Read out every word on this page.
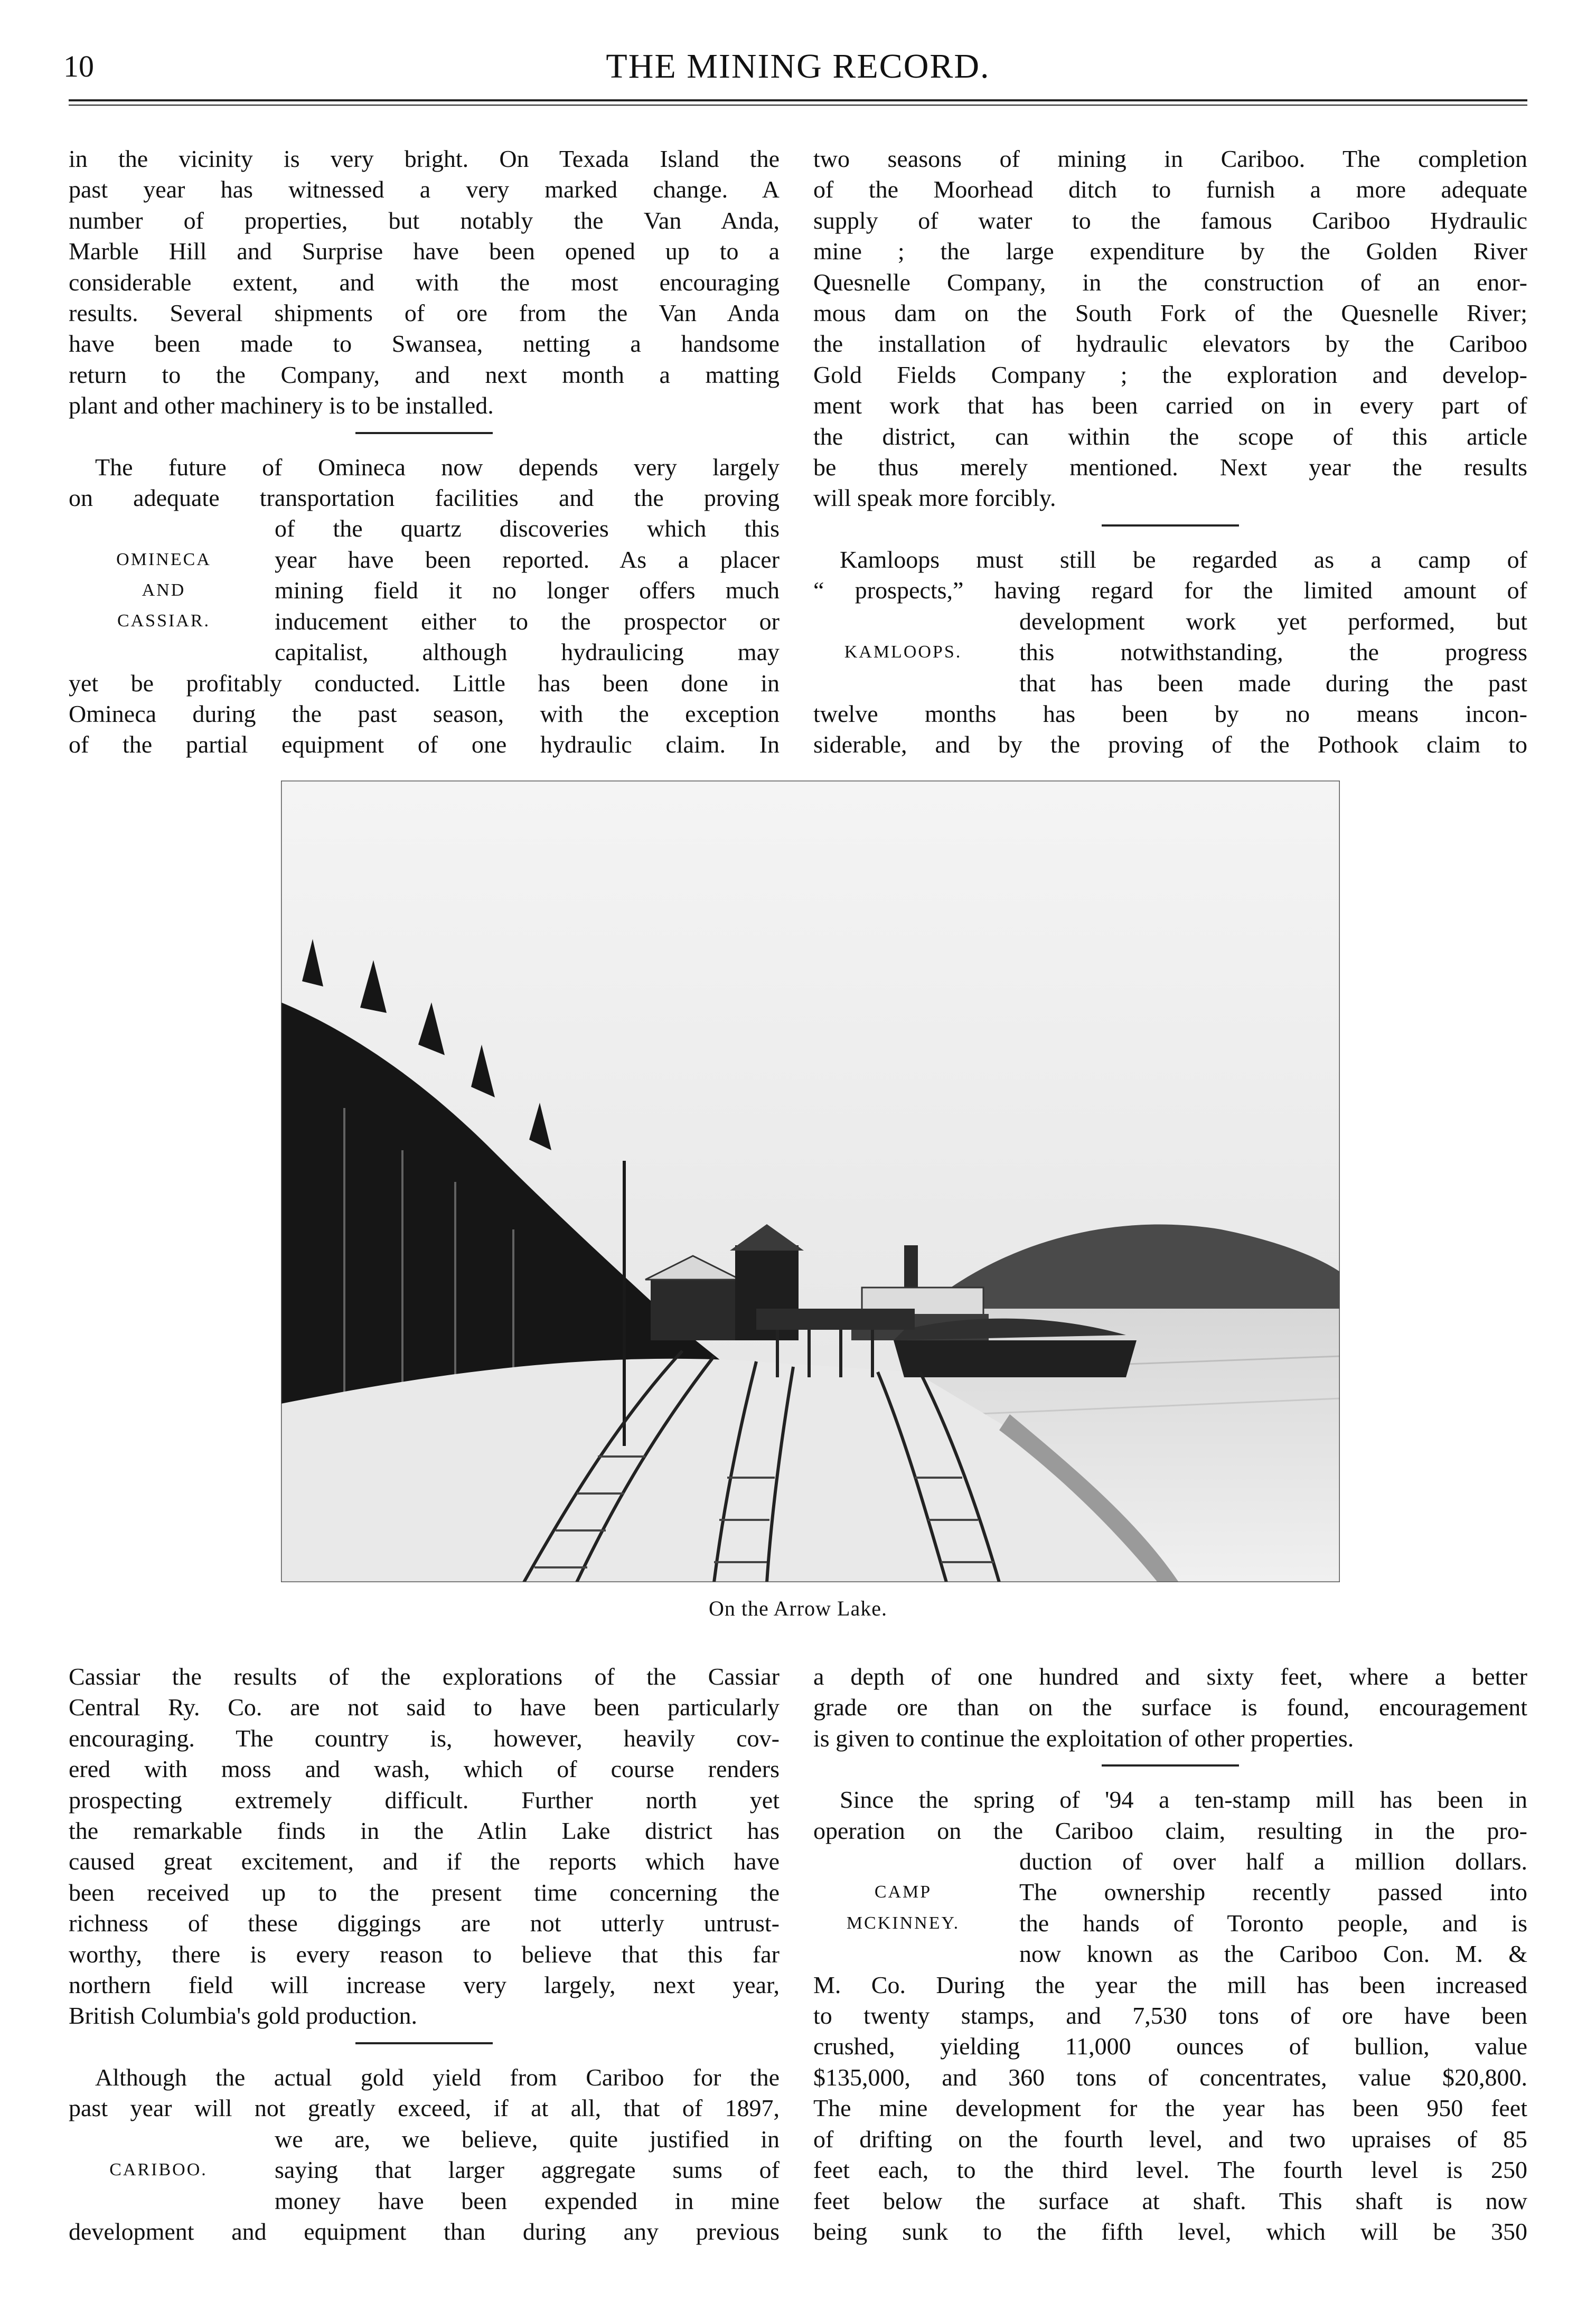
10	THE MINING RECORD.

in the vicinity is very bright. On Texada Island the
past year has witnessed a very marked change. A
number of properties, but notably the Van Anda,
Marble Hill and Surprise have been opened up to a
considerable extent, and with the most encouraging
results. Several shipments of ore from the Van Anda
have been made to Swansea, netting a handsome
return to the Company, and next month a matting
plant and other machinery is to be installed.

The future of Omineca now depends very largely
on adequate transportation facilities and the proving
of the quartz discoveries which this
year have been reported. As a placer
mining field it no longer offers much
inducement either to the prospector or
capitalist, although hydraulicing may
yet be profitably conducted. Little has been done in
Omineca during the past season, with the exception
of the partial equipment of one hydraulic claim. In
OMINECA
AND
CASSIAR.

two seasons of mining in Cariboo. The completion
of the Moorhead ditch to furnish a more adequate
supply of water to the famous Cariboo Hydraulic
mine ; the large expenditure by the Golden River
Quesnelle Company, in the construction of an enor-
mous dam on the South Fork of the Quesnelle River;
the installation of hydraulic elevators by the Cariboo
Gold Fields Company ; the exploration and develop-
ment work that has been carried on in every part of
the district, can within the scope of this article
be thus merely mentioned. Next year the results
will speak more forcibly.

Kamloops must still be regarded as a camp of
“ prospects,” having regard for the limited amount of
development work yet performed, but
this notwithstanding, the progress
that has been made during the past
twelve months has been by no means incon-
siderable, and by the proving of the Pothook claim to
KAMLOOPS.

On the Arrow Lake.

Cassiar the results of the explorations of the Cassiar
Central Ry. Co. are not said to have been particularly
encouraging. The country is, however, heavily cov-
ered with moss and wash, which of course renders
prospecting extremely difficult. Further north yet
the remarkable finds in the Atlin Lake district has
caused great excitement, and if the reports which have
been received up to the present time concerning the
richness of these diggings are not utterly untrust-
worthy, there is every reason to believe that this far
northern field will increase very largely, next year,
British Columbia's gold production.

Although the actual gold yield from Cariboo for the
past year will not greatly exceed, if at all, that of 1897,
we are, we believe, quite justified in
saying that larger aggregate sums of
money have been expended in mine
development and equipment than during any previous
CARIBOO.

a depth of one hundred and sixty feet, where a better
grade ore than on the surface is found, encouragement
is given to continue the exploitation of other properties.

Since the spring of '94 a ten-stamp mill has been in
operation on the Cariboo claim, resulting in the pro-
duction of over half a million dollars.
The ownership recently passed into
the hands of Toronto people, and is
now known as the Cariboo Con. M. &
M. Co. During the year the mill has been increased
to twenty stamps, and 7,530 tons of ore have been
crushed, yielding 11,000 ounces of bullion, value
$135,000, and 360 tons of concentrates, value $20,800.
The mine development for the year has been 950 feet
of drifting on the fourth level, and two upraises of 85
feet each, to the third level. The fourth level is 250
feet below the surface at shaft. This shaft is now
being sunk to the fifth level, which will be 350
CAMP
MCKINNEY.
